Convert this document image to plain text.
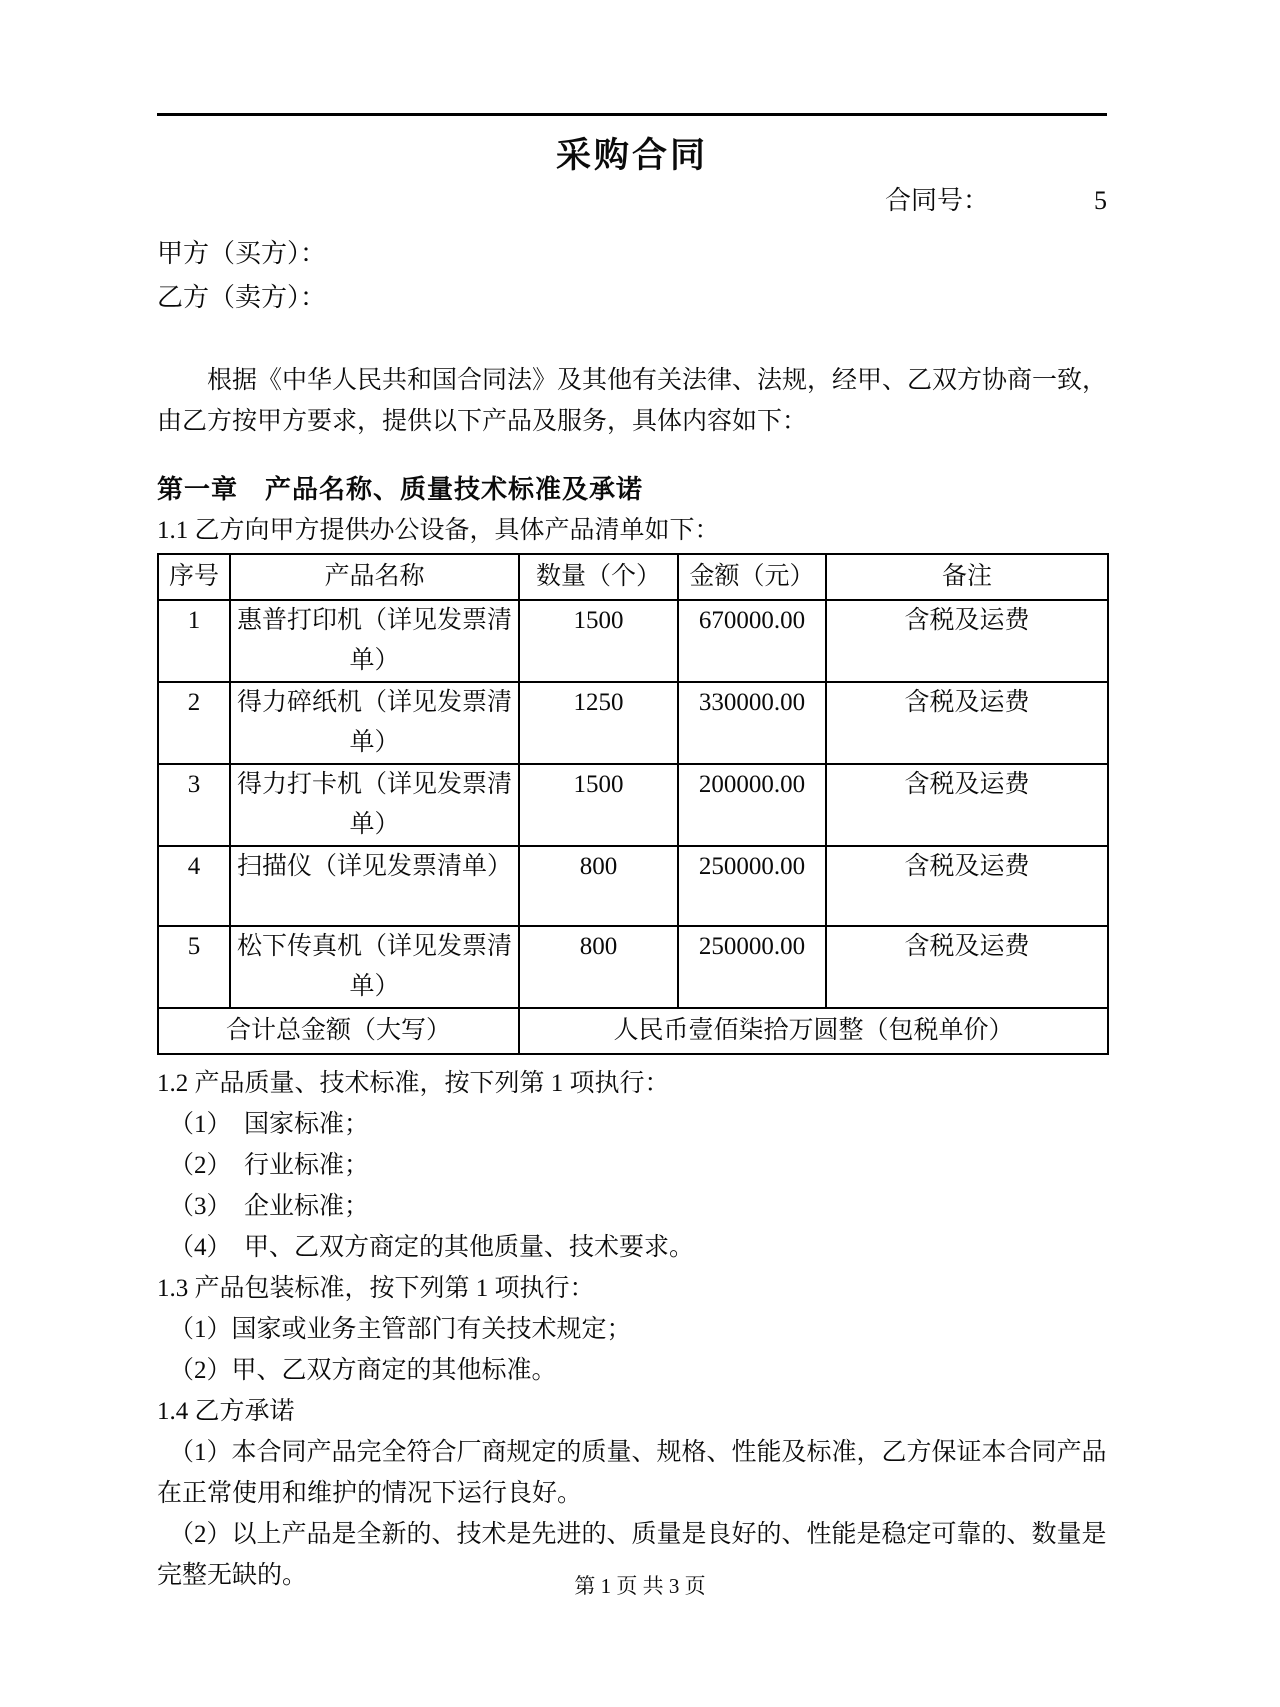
采购合同
合同号：	5
甲方（买方）：
乙方（卖方）：
根据《中华人民共和国合同法》及其他有关法律、法规，经甲、乙双方协商一致，
由乙方按甲方要求，提供以下产品及服务，具体内容如下：
第一章　产品名称、质量技术标准及承诺
1.1 乙方向甲方提供办公设备，具体产品清单如下：
序号	产品名称	数量（个）	金额（元）	备注
1	惠普打印机（详见发票清单）	1500	670000.00	含税及运费
2	得力碎纸机（详见发票清单）	1250	330000.00	含税及运费
3	得力打卡机（详见发票清单）	1500	200000.00	含税及运费
4	扫描仪（详见发票清单）	800	250000.00	含税及运费
5	松下传真机（详见发票清单）	800	250000.00	含税及运费
合计总金额（大写）		人民币壹佰柒拾万圆整（包税单价）		
1.2 产品质量、技术标准，按下列第 1 项执行：
（1）　国家标准；
（2）　行业标准；
（3）　企业标准；
（4）　甲、乙双方商定的其他质量、技术要求。
1.3 产品包装标准，按下列第 1 项执行：
（1）国家或业务主管部门有关技术规定；
（2）甲、乙双方商定的其他标准。
1.4 乙方承诺
（1）本合同产品完全符合厂商规定的质量、规格、性能及标准，乙方保证本合同产品
在正常使用和维护的情况下运行良好。
（2）以上产品是全新的、技术是先进的、质量是良好的、性能是稳定可靠的、数量是
完整无缺的。	第 1 页 共 3 页
